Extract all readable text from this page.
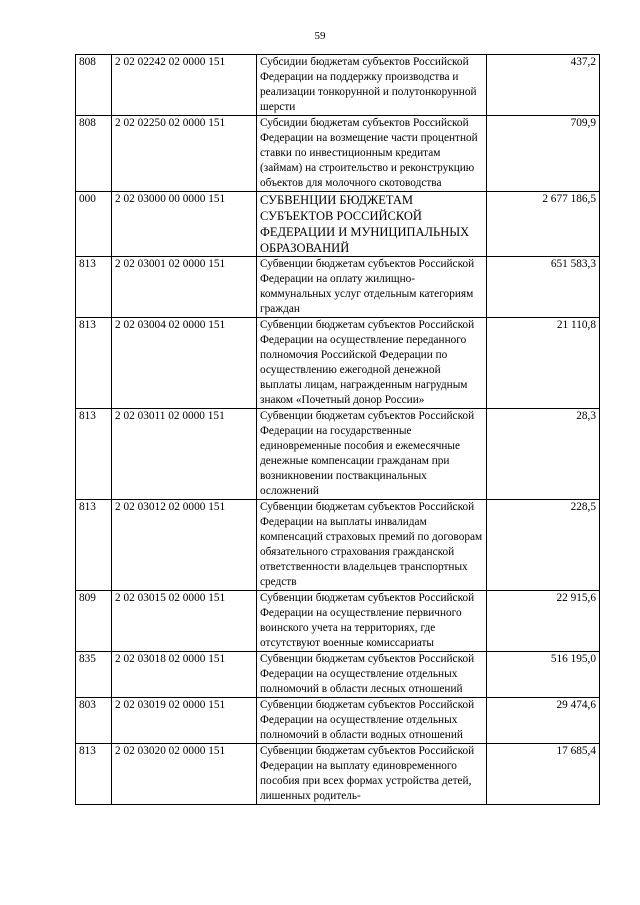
59
808	2 02 02242 02 0000 151	Субсидии бюджетам субъектов Российской Федерации на поддержку производства и реализации тонкорунной и полутонкорунной шерсти	437,2
808	2 02 02250 02 0000 151	Субсидии бюджетам субъектов Российской Федерации на возмещение части процентной ставки по инвестиционным кредитам (займам) на строительство и реконструкцию объектов для молочного скотоводства	709,9
000	2 02 03000 00 0000 151	СУБВЕНЦИИ БЮДЖЕТАМ СУБЪЕКТОВ РОССИЙСКОЙ ФЕДЕРАЦИИ И МУНИЦИПАЛЬНЫХ ОБРАЗОВАНИЙ	2 677 186,5
813	2 02 03001 02 0000 151	Субвенции бюджетам субъектов Российской Федерации на оплату жилищно-коммунальных услуг отдельным категориям граждан	651 583,3
813	2 02 03004 02 0000 151	Субвенции бюджетам субъектов Российской Федерации на осуществление переданного полномочия Российской Федерации по осуществлению ежегодной денежной выплаты лицам, награжденным нагрудным знаком «Почетный донор России»	21 110,8
813	2 02 03011 02 0000 151	Субвенции бюджетам субъектов Российской Федерации на государственные единовременные пособия и ежемесячные денежные компенсации гражданам при возникновении поствакцинальных осложнений	28,3
813	2 02 03012 02 0000 151	Субвенции бюджетам субъектов Российской Федерации на выплаты инвалидам компенсаций страховых премий по договорам обязательного страхования гражданской ответственности владельцев транспортных средств	228,5
809	2 02 03015 02 0000 151	Субвенции бюджетам субъектов Российской Федерации на осуществление первичного воинского учета на территориях, где отсутствуют военные комиссариаты	22 915,6
835	2 02 03018 02 0000 151	Субвенции бюджетам субъектов Российской Федерации на осуществление отдельных полномочий в области лесных отношений	516 195,0
803	2 02 03019 02 0000 151	Субвенции бюджетам субъектов Российской Федерации на осуществление отдельных полномочий в области водных отношений	29 474,6
813	2 02 03020 02 0000 151	Субвенции бюджетам субъектов Российской Федерации на выплату единовременного пособия при всех формах устройства детей, лишенных родитель-	17 685,4
